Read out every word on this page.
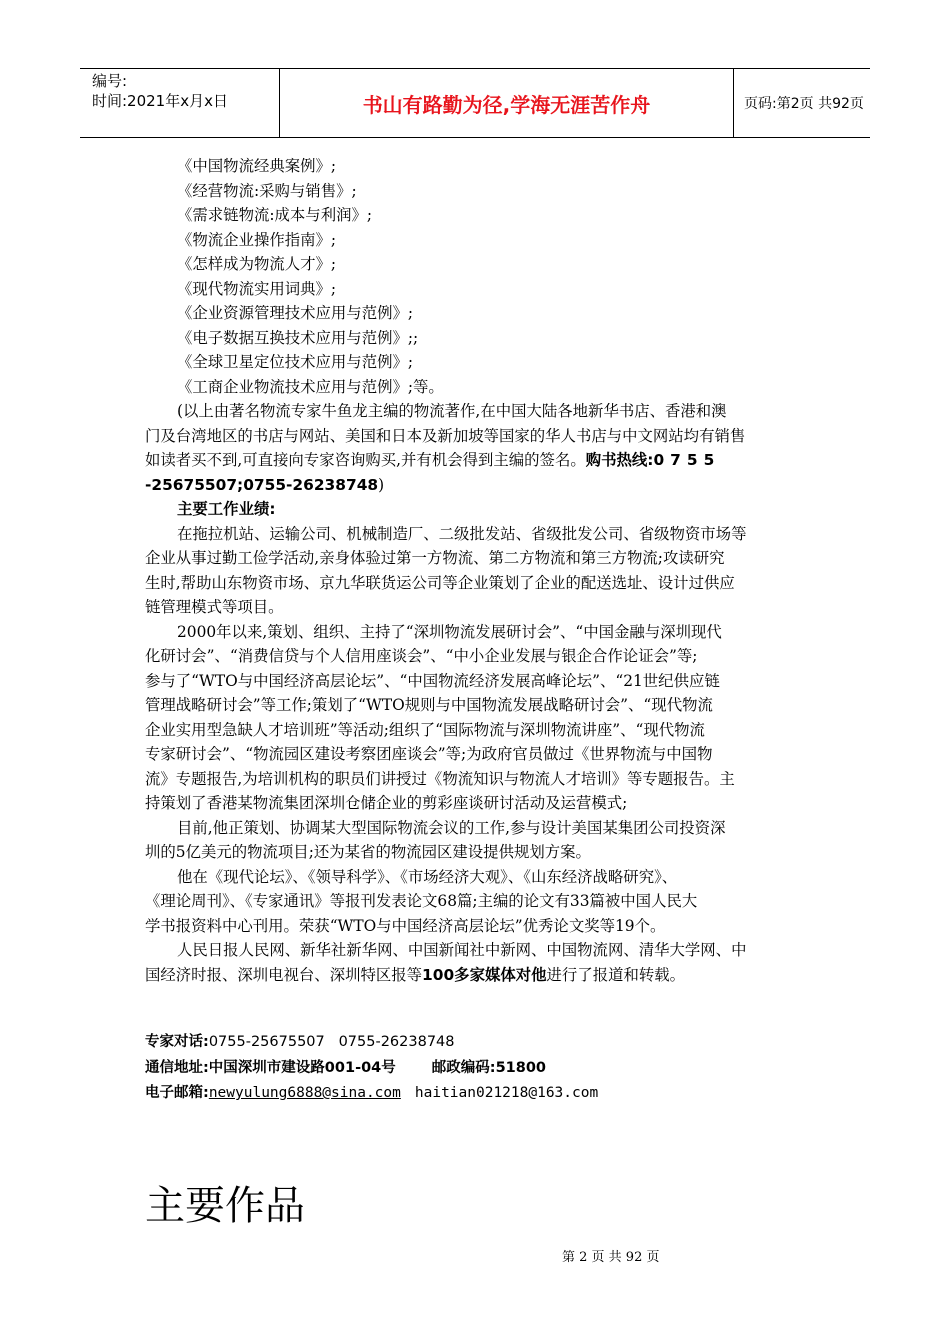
编号:
时间:2021年x月x日	书山有路勤为径,学海无涯苦作舟	页码:第2页 共92页
《中国物流经典案例》;
《经营物流:采购与销售》;
《需求链物流:成本与利润》;
《物流企业操作指南》;
《怎样成为物流人才》;
《现代物流实用词典》;
《企业资源管理技术应用与范例》;
《电子数据互换技术应用与范例》;;
《全球卫星定位技术应用与范例》;
《工商企业物流技术应用与范例》;等。
(以上由著名物流专家牛鱼龙主编的物流著作,在中国大陆各地新华书店、香港和澳
门及台湾地区的书店与网站、美国和日本及新加坡等国家的华人书店与中文网站均有销售
如读者买不到,可直接向专家咨询购买,并有机会得到主编的签名。购书热线:0755
-25675507;0755-26238748)
主要工作业绩:
在拖拉机站、运输公司、机械制造厂、二级批发站、省级批发公司、省级物资市场等
企业从事过勤工俭学活动,亲身体验过第一方物流、第二方物流和第三方物流;攻读研究
生时,帮助山东物资市场、京九华联货运公司等企业策划了企业的配送选址、设计过供应
链管理模式等项目。
2000年以来,策划、组织、主持了“深圳物流发展研讨会”、“中国金融与深圳现代
化研讨会”、“消费信贷与个人信用座谈会”、“中小企业发展与银企合作论证会”等;
参与了“WTO与中国经济高层论坛”、“中国物流经济发展高峰论坛”、“21世纪供应链
管理战略研讨会”等工作;策划了“WTO规则与中国物流发展战略研讨会”、“现代物流
企业实用型急缺人才培训班”等活动;组织了“国际物流与深圳物流讲座”、“现代物流
专家研讨会”、“物流园区建设考察团座谈会”等;为政府官员做过《世界物流与中国物
流》专题报告,为培训机构的职员们讲授过《物流知识与物流人才培训》等专题报告。主
持策划了香港某物流集团深圳仓储企业的剪彩座谈研讨活动及运营模式;
目前,他正策划、协调某大型国际物流会议的工作,参与设计美国某集团公司投资深
圳的5亿美元的物流项目;还为某省的物流园区建设提供规划方案。
他在《现代论坛》、《领导科学》、《市场经济大观》、《山东经济战略研究》、
《理论周刊》、《专家通讯》等报刊发表论文68篇;主编的论文有33篇被中国人民大
学书报资料中心刊用。荣获“WTO与中国经济高层论坛”优秀论文奖等19个。
人民日报人民网、新华社新华网、中国新闻社中新网、中国物流网、清华大学网、中
国经济时报、深圳电视台、深圳特区报等100多家媒体对他进行了报道和转载。
专家对话:0755-25675507   0755-26238748
通信地址:中国深圳市建设路001-04号 邮政编码:51800
电子邮箱:newyulung6888@sina.com haitian021218@163.com
主要作品
第 2 页 共 92 页
